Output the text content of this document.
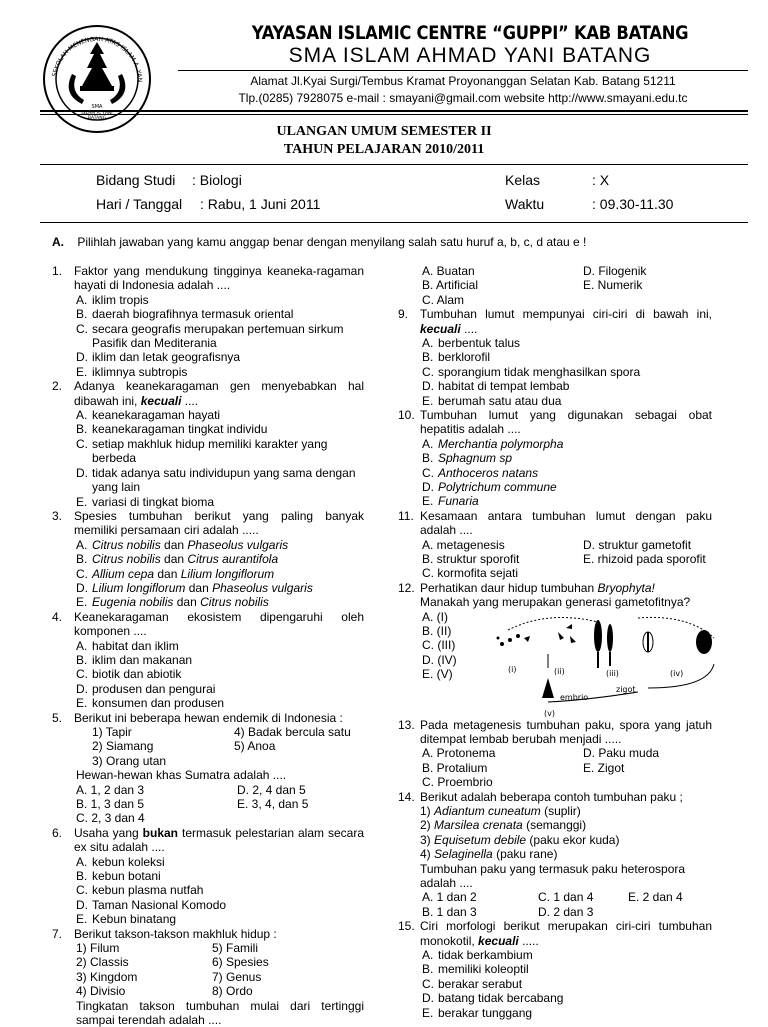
SMA
ISLAM A. YANI
BATANG
SEKOLAH MENENGAH ATAS ISLAM A. YAN
YAYASAN ISLAMIC CENTRE “GUPPI” KAB BATANG
SMA ISLAM AHMAD YANI BATANG
Alamat Jl.Kyai Surgi/Tembus Kramat Proyonanggan Selatan Kab. Batang 51211
Tlp.(0285) 7928075 e-mail : smayani@gmail.com website http://www.smayani.edu.tc
ULANGAN UMUM SEMESTER II
TAHUN PELAJARAN 2010/2011
Bidang Studi : Biologi
Hari / Tanggal : Rabu, 1 Juni 2011
Kelas	: X
Waktu	: 09.30-11.30
A. Pilihlah jawaban yang kamu anggap benar dengan menyilang salah satu huruf a, b, c, d atau e !
1. Faktor yang mendukung tingginya keaneka-ragaman hayati di Indonesia adalah ....
A. iklim tropis
B. daerah biografihnya termasuk oriental
C. secara geografis merupakan pertemuan sirkum Pasifik dan Mediterania
D. iklim dan letak geografisnya
E. iklimnya subtropis
2. Adanya keanekaragaman gen menyebabkan hal dibawah ini, kecuali ....
A. keanekaragaman hayati
B. keanekaragaman tingkat individu
C. setiap makhluk hidup memiliki karakter yang berbeda
D. tidak adanya satu individupun yang sama dengan yang lain
E. variasi di tingkat bioma
3. Spesies tumbuhan berikut yang paling banyak memiliki persamaan ciri adalah .....
A. Citrus nobilis dan Phaseolus vulgaris
B. Citrus nobilis dan Citrus aurantifola
C. Allium cepa dan Lilium longiflorum
D. Lilium longiflorum dan Phaseolus vulgaris
E. Eugenia nobilis dan Citrus nobilis
4. Keanekaragaman ekosistem dipengaruhi oleh komponen ....
A. habitat dan iklim
B. iklim dan makanan
C. biotik dan abiotik
D. produsen dan pengurai
E. konsumen dan produsen
5. Berikut ini beberapa hewan endemik di Indonesia :
1) Tapir	4) Badak bercula satu
2) Siamang	5) Anoa
3) Orang utan
Hewan-hewan khas Sumatra adalah ....
A. 1, 2 dan 3	D. 2, 4 dan 5
B. 1, 3 dan 5	E. 3, 4, dan 5
C. 2, 3 dan 4
6. Usaha yang bukan termasuk pelestarian alam secara ex situ adalah ....
A. kebun koleksi
B. kebun botani
C. kebun plasma nutfah
D. Taman Nasional Komodo
E. Kebun binatang
7. Berikut takson-takson makhluk hidup :
1) Filum	5) Famili
2) Classis	6) Spesies
3) Kingdom	7) Genus
4) Divisio	8) Ordo
Tingkatan takson tumbuhan mulai dari tertinggi sampai terendah adalah ....
A. Buatan	D. Filogenik
B. Artificial	E. Numerik
C. Alam
9. Tumbuhan lumut mempunyai ciri-ciri di bawah ini, kecuali ....
A. berbentuk talus
B. berklorofil
C. sporangium tidak menghasilkan spora
D. habitat di tempat lembab
E. berumah satu atau dua
10. Tumbuhan lumut yang digunakan sebagai obat hepatitis adalah ....
A. Merchantia polymorpha
B. Sphagnum sp
C. Anthoceros natans
D. Polytrichum commune
E. Funaria
11. Kesamaan antara tumbuhan lumut dengan paku adalah ....
A. metagenesis	D. struktur gametofit
B. struktur sporofit	E. rhizoid pada sporofit
C. kormofita sejati
12. Perhatikan daur hidup tumbuhan Bryophyta!
Manakah yang merupakan generasi gametofitnya?
A. (I)
B. (II)
C. (III)
D. (IV)
E. (V)
13. Pada metagenesis tumbuhan paku, spora yang jatuh ditempat lembab berubah menjadi .....
A. Protonema	D. Paku muda
B. Protalium	E. Zigot
C. Proembrio
14. Berikut adalah beberapa contoh tumbuhan paku ;
1) Adiantum cuneatum (suplir)
2) Marsilea crenata (semanggi)
3) Equisetum debile (paku ekor kuda)
4) Selaginella (paku rane)
Tumbuhan paku yang termasuk paku heterospora adalah ....
A. 1 dan 2	C. 1 dan 4	E. 2 dan 4
B. 1 dan 3	D. 2 dan 3
15. Ciri morfologi berikut merupakan ciri-ciri tumbuhan monokotil, kecuali .....
A. tidak berkambium
B. memiliki koleoptil
C. berakar serabut
D. batang tidak bercabang
E. berakar tunggang
(i)	(ii)	(iii)	(iv)
zigot
embrio
(v)
